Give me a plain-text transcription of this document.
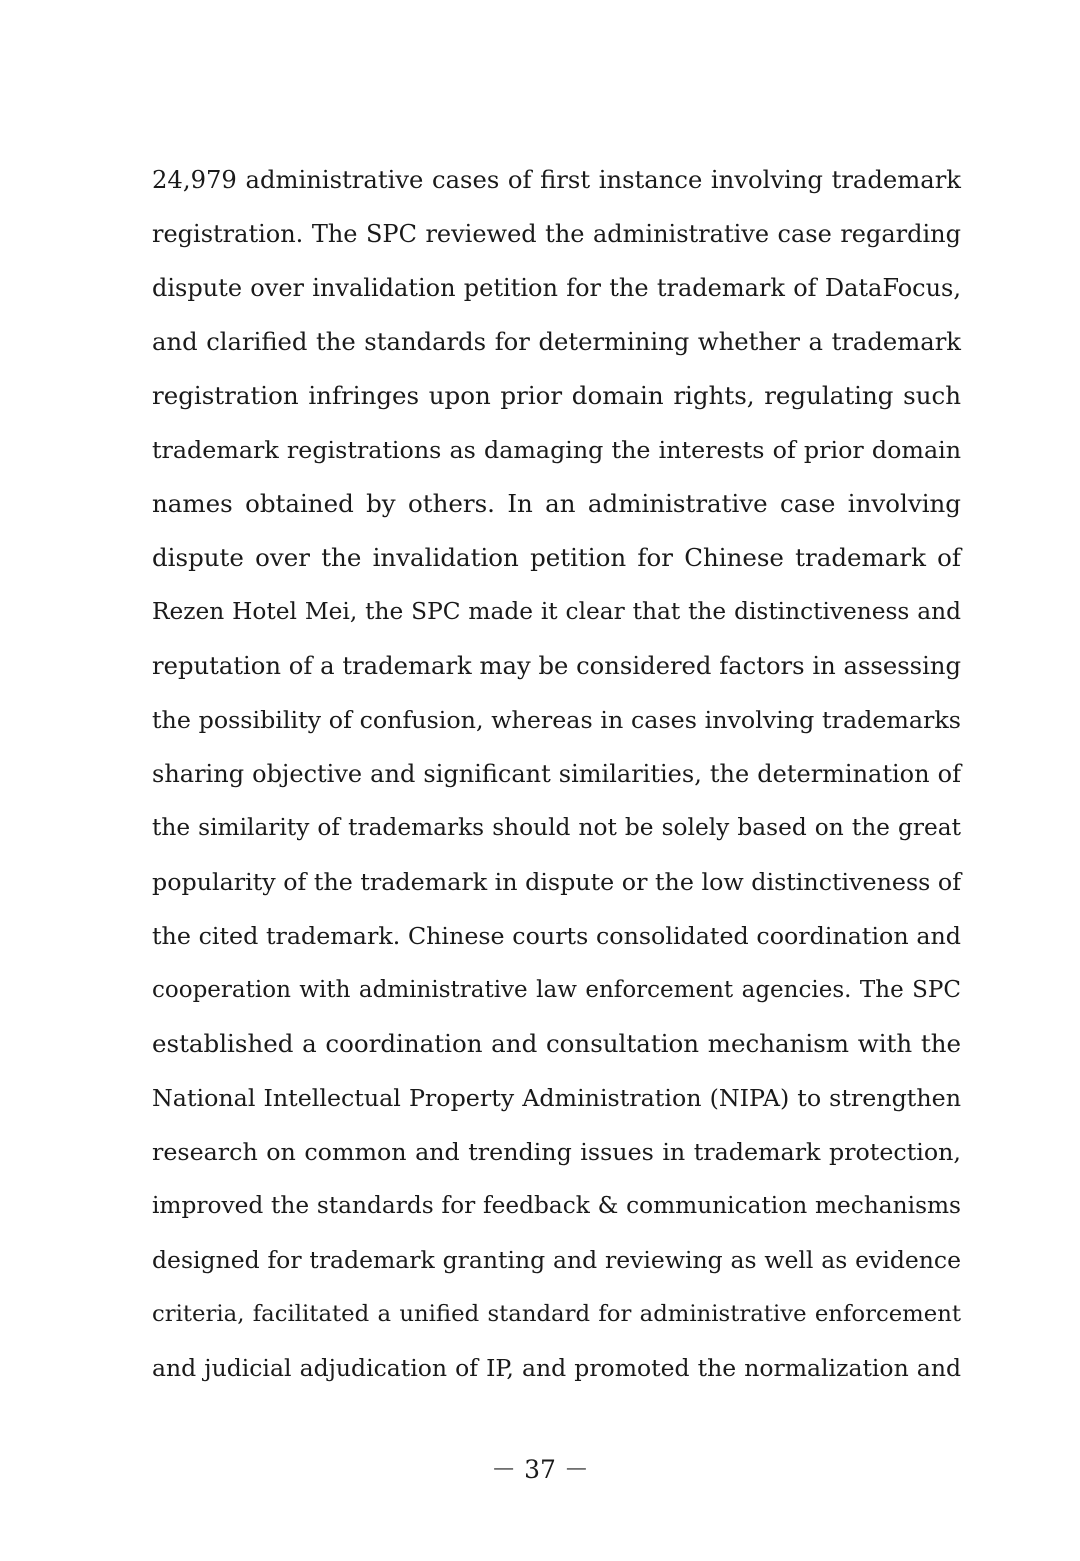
24,979 administrative cases of first instance involving trademark
registration. The SPC reviewed the administrative case regarding
dispute over invalidation petition for the trademark of DataFocus,
and clarified the standards for determining whether a trademark
registration infringes upon prior domain rights, regulating such
trademark registrations as damaging the interests of prior domain
names obtained by others. In an administrative case involving
dispute over the invalidation petition for Chinese trademark of
Rezen Hotel Mei, the SPC made it clear that the distinctiveness and
reputation of a trademark may be considered factors in assessing
the possibility of confusion, whereas in cases involving trademarks
sharing objective and significant similarities, the determination of
the similarity of trademarks should not be solely based on the great
popularity of the trademark in dispute or the low distinctiveness of
the cited trademark. Chinese courts consolidated coordination and
cooperation with administrative law enforcement agencies. The SPC
established a coordination and consultation mechanism with the
National Intellectual Property Administration (NIPA) to strengthen
research on common and trending issues in trademark protection,
improved the standards for feedback & communication mechanisms
designed for trademark granting and reviewing as well as evidence
criteria, facilitated a unified standard for administrative enforcement
and judicial adjudication of IP, and promoted the normalization and
－ 37 －
